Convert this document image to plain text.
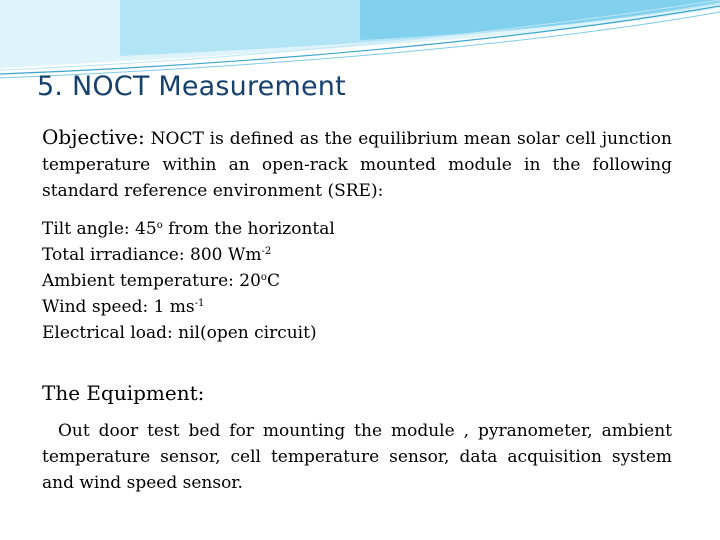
5. NOCT Measurement

Objective: NOCT is defined as the equilibrium mean solar cell junction temperature within an open-rack mounted module in the following standard reference environment (SRE):

Tilt angle: 45$^o$ from the horizontal

Total irradiance: 800 $Wm^{-2}$

Ambient temperature: 20$^o$C

Wind speed: 1 $ms^{-1}$

Electrical load: nil(open circuit)

The Equipment:

Out door test bed for mounting the module , pyranometer, ambient temperature sensor, cell temperature sensor, data acquisition system and wind speed sensor.
